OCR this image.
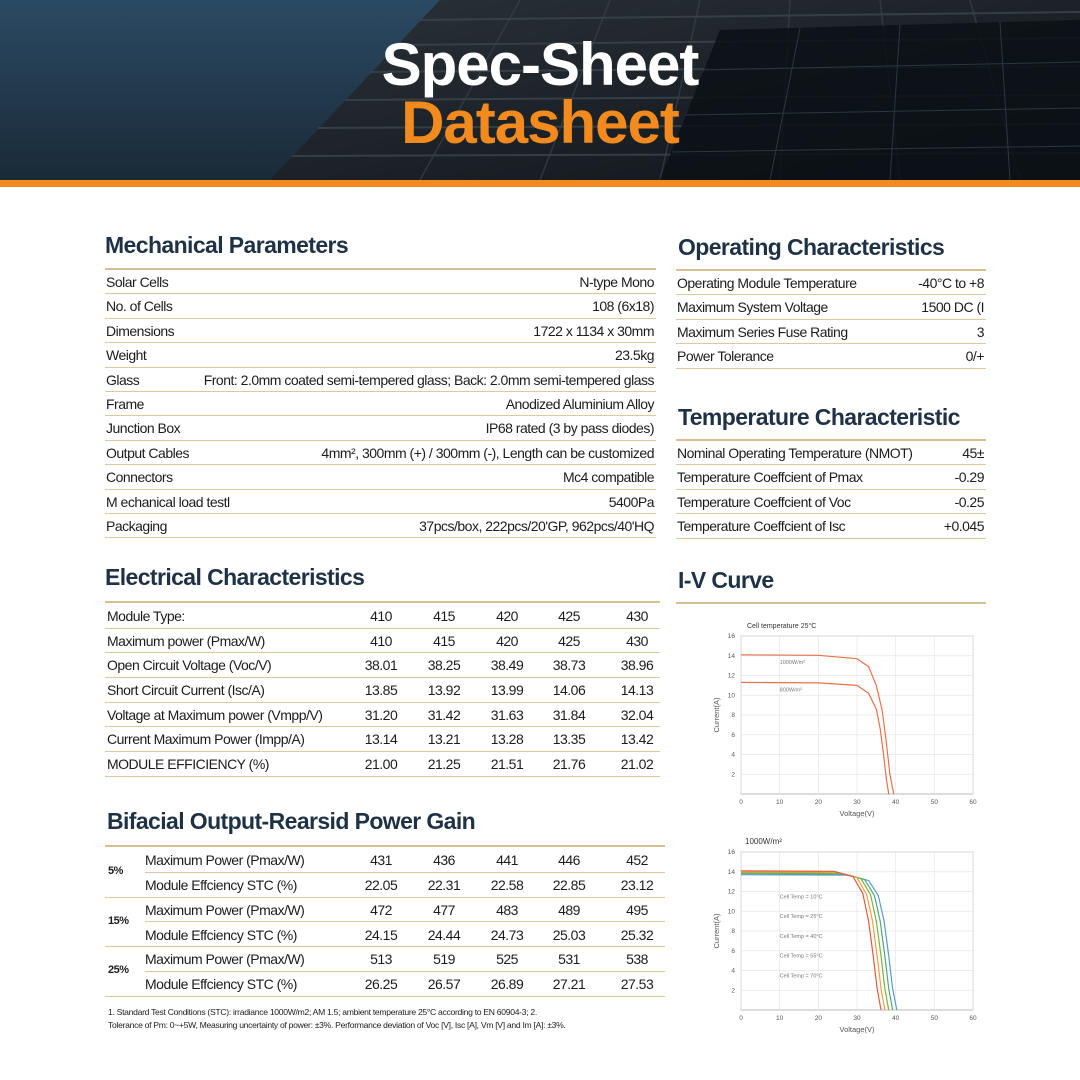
Spec-Sheet
Datasheet
Mechanical Parameters
Solar Cells	N-type Mono
No. of Cells	108 (6x18)
Dimensions	1722 x 1134 x 30mm
Weight	23.5kg
Glass	Front: 2.0mm coated semi-tempered glass; Back: 2.0mm semi-tempered glass
Frame	Anodized Aluminium Alloy
Junction Box	IP68 rated (3 by pass diodes)
Output Cables	4mm², 300mm (+) / 300mm (-), Length can be customized
Connectors	Mc4 compatible
M echanical load testl	5400Pa
Packaging	37pcs/box, 222pcs/20'GP, 962pcs/40'HQ
Operating Characteristics
Operating Module Temperature	-40°C to +8
Maximum System Voltage	1500 DC (I
Maximum Series Fuse Rating	3
Power Tolerance	0/+
Temperature Characteristic
Nominal Operating Temperature (NMOT)	45±
Temperature Coeffcient of Pmax	-0.29
Temperature Coeffcient of Voc	-0.25
Temperature Coeffcient of Isc	+0.045
Electrical Characteristics
Module Type:	410	415	420	425	430
Maximum power (Pmax/W)	410	415	420	425	430
Open Circuit Voltage (Voc/V)	38.01	38.25	38.49	38.73	38.96
Short Circuit Current (Isc/A)	13.85	13.92	13.99	14.06	14.13
Voltage at Maximum power (Vmpp/V)	31.20	31.42	31.63	31.84	32.04
Current Maximum Power (Impp/A)	13.14	13.21	13.28	13.35	13.42
MODULE EFFICIENCY (%)	21.00	21.25	21.51	21.76	21.02
Bifacial Output-Rearsid Power Gain
5%
Maximum Power (Pmax/W)	431	436	441	446	452
Module Effciency STC (%)	22.05	22.31	22.58	22.85	23.12
15%
Maximum Power (Pmax/W)	472	477	483	489	495
Module Effciency STC (%)	24.15	24.44	24.73	25.03	25.32
25%
Maximum Power (Pmax/W)	513	519	525	531	538
Module Effciency STC (%)	26.25	26.57	26.89	27.21	27.53
1. Standard Test Conditions (STC): irradiance 1000W/m2; AM 1.5; ambient temperature 25°C according to EN 60904-3; 2.
Tolerance of Pm: 0~+5W, Measuring uncertainty of power: ±3%. Performance deviation of Voc [V], Isc [A], Vm [V] and Im [A]: ±3%.
I-V Curve
0	10	20	30	40	50	60
2
4
6
8
10
12
14
16
Voltage(V)
Current(A)
Cell temperature 25°C
1000W/m²
800W/m²
0	10	20	30	40	50	60
2
4
6
8
10
12
14
16
Voltage(V)
Current(A)
1000W/m²
Cell Temp = 10°C
Cell Temp = 25°C
Cell Temp = 40°C
Cell Temp = 55°C
Cell Temp = 70°C
